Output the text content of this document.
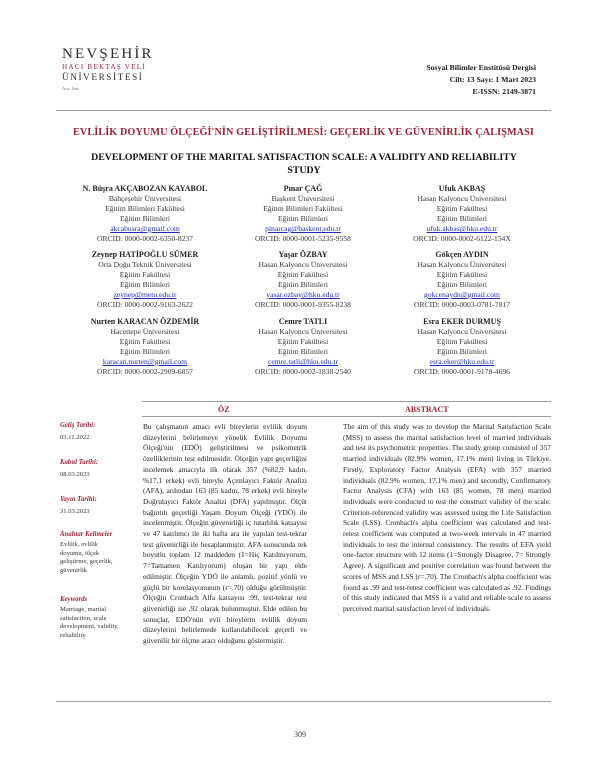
NEVŞEHİR
HACI BEKTAŞ VELİ
ÜNİVERSİTESİ
Arts. Inst.
Sosyal Bilimler Enstitüsü Dergisi
Cilt: 13 Sayı: 1 Mart 2023
E-ISSN: 2149-3871
EVLİLİK DOYUMU ÖLÇEĞİ'NİN GELİŞTİRİLMESİ: GEÇERLİK VE GÜVENİRLİK ÇALIŞMASI
DEVELOPMENT OF THE MARITAL SATISFACTION SCALE: A VALIDITY AND RELIABILITY STUDY
N. Büşra AKÇABOZAN KAYABOL
Bahçeşehir Üniversitesi
Eğitim Bilimleri Fakültesi
Eğitim Bilimleri
akcabusra@gmail.com
ORCID: 0000-0002-6350-8237
Pınar ÇAĞ
Başkent Üniversitesi
Eğitim Bilimleri Fakültesi
Eğitim Bilimleri
pinarcag@baskent.edu.tr
ORCID: 0000-0001-5235-9558
Ufuk AKBAŞ
Hasan Kalyoncu Üniversitesi
Eğitim Fakültesi
Eğitim Bilimleri
ufuk.akbas@hku.edu.tr
ORCID: 0000-0002-6122-154X
Zeynep HATİPOĞLU SÜMER
Orta Doğu Teknik Üniversitesi
Eğitim Fakültesi
Eğitim Bilimleri
zeynep@metu.edu.tr
ORCID: 0000-0002-9163-2622
Yaşar ÖZBAY
Hasan Kalyoncu Üniversitesi
Eğitim Fakültesi
Eğitim Bilimleri
yasar.ozbay@hku.edu.tr
ORCID: 0000-0001-9355-8238
Gökçen AYDIN
Hasan Kalyoncu Üniversitesi
Eğitim Fakültesi
Eğitim Bilimleri
gokcenaydn@gmail.com
ORCID: 0000-0003-0781-7817
Nurten KARACAN ÖZDEMİR
Hacettepe Üniversitesi
Eğitim Fakültesi
Eğitim Bilimleri
karacan.nurten@gmail.com
ORCID: 0000-0002-2909-6857
Cemre TATLI
Hasan Kalyoncu Üniversitesi
Eğitim Fakültesi
Eğitim Bilimleri
cemre.tatli@hku.edu.tr
ORCID: 0000-0002-1838-2540
Esra EKER DURMUŞ
Hasan Kalyoncu Üniversitesi
Eğitim Fakültesi
Eğitim Bilimleri
esra.eker@hku.edu.tr
ORCID: 0000-0001-9178-4696
ÖZ	ABSTRACT
Geliş Tarihi:
03.11.2022
Kabul Tarihi:
08.03.2023
Yayın Tarihi:
31.03.2023
Anahtar Kelimeler
Evlilik, evlilik doyumu, ölçek geliştirme, geçerlik, güvenirlik
Keywords
Marriage, marital satisfaction, scale development, validity, reliability
Bu çalışmanın amacı evli bireylerin evlilik doyum düzeylerini belirlemeye yönelik Evlilik Doyumu Ölçeği'nin (EDÖ) geliştirilmesi ve psikometrik özelliklerinin test edilmesidir. Ölçeğin yapı geçerliğini incelemek amacıyla ilk olarak 357 (%82,9 kadın, %17,1 erkek) evli bireyle Açımlayıcı Faktör Analizi (AFA), ardından 163 (85 kadın, 78 erkek) evli bireyle Doğrulayıcı Faktör Analizi (DFA) yapılmıştır. Ölçüt bağıntılı geçerliği Yaşam Doyum Ölçeği (YDÖ) ile incelenmiştir. Ölçeğin güvenirliği iç tutarlılık katsayısı ve 47 katılımcı ile iki hafta ara ile yapılan test-tekrar test güvenirliği ile hesaplanmıştır. AFA sonucunda tek boyutlu toplam 12 maddeden (1=Hiç Katılmıyorum, 7=Tamamen Katılıyorum) oluşan bir yapı elde edilmiştir. Ölçeğin YDÖ ile anlamlı, pozitif yönlü ve güçlü bir korelasyonunun (r=.70) olduğu görülmüştür. Ölçeğin Cronbach Alfa katsayısı .99, test-tekrar test güvenirliği ise .92 olarak bulunmuştur. Elde edilen bu sonuçlar, EDÖ'nün evli bireylerin evlilik doyum düzeylerini belirlemede kullanılabilecek geçerli ve güvenilir bir ölçme aracı olduğunu göstermiştir.
The aim of this study was to develop the Marital Satisfaction Scale (MSS) to assess the marital satisfaction level of married individuals and test its psychometric properties. The study group consisted of 357 married individuals (82.9% women, 17.1% men) living in Türkiye. Firstly, Exploratory Factor Analysis (EFA) with 357 married individuals (82.9% women, 17.1% men) and secondly, Confirmatory Factor Analysis (CFA) with 163 (85 women, 78 men) married individuals were conducted to test the construct validity of the scale. Criterion-referenced validity was assessed using the Life Satisfaction Scale (LSS). Cronbach's alpha coefficient was calculated and test-retest coefficient was computed at two-week intervals in 47 married individuals to test the internal consistency. The results of EFA yield one-factor structure with 12 items (1=Strongly Disagree, 7= Strongly Agree). A significant and positive correlation was found between the scores of MSS and LSS (r=.70). The Cronbach's alpha coefficient was found as .99 and test-retest coefficient was calculated as .92. Findings of this study indicated that MSS is a valid and reliable scale to assess perceived marital satisfaction level of individuals.
309
